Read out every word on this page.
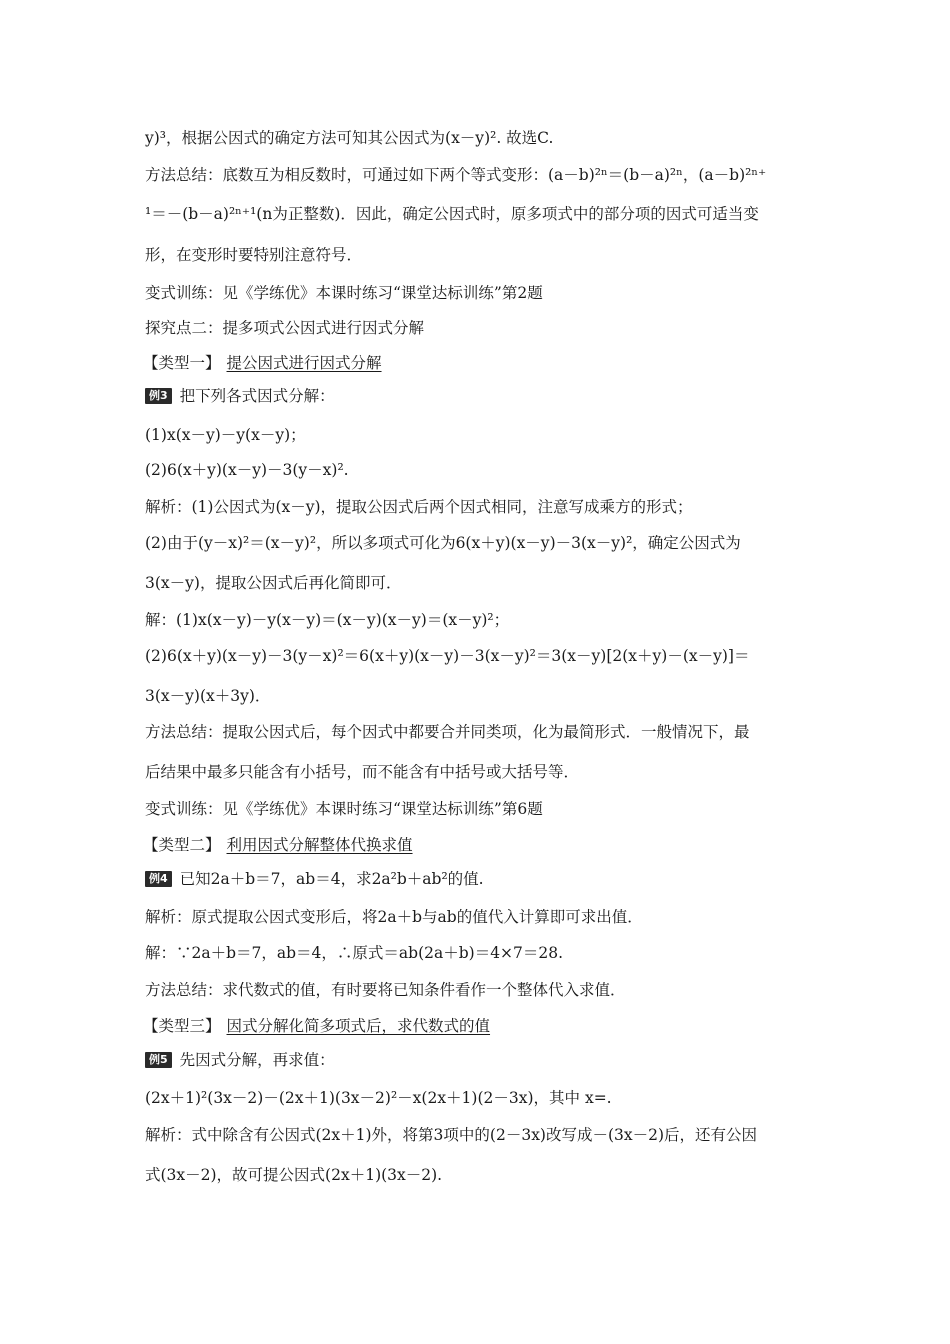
y)³，根据公因式的确定方法可知其公因式为(x－y)². 故选C.
方法总结：底数互为相反数时，可通过如下两个等式变形：(a－b)²ⁿ＝(b－a)²ⁿ，(a－b)²ⁿ⁺
¹＝－(b－a)²ⁿ⁺¹(n为正整数)．因此，确定公因式时，原多项式中的部分项的因式可适当变
形，在变形时要特别注意符号．
变式训练：见《学练优》本课时练习“课堂达标训练”第2题
探究点二：提多项式公因式进行因式分解
【类型一】 提公因式进行因式分解
例3 把下列各式因式分解：
(1)x(x－y)－y(x－y)；
(2)6(x＋y)(x－y)－3(y－x)².
解析：(1)公因式为(x－y)，提取公因式后两个因式相同，注意写成乘方的形式；
(2)由于(y－x)²＝(x－y)²，所以多项式可化为6(x＋y)(x－y)－3(x－y)²，确定公因式为
3(x－y)，提取公因式后再化简即可．
解：(1)x(x－y)－y(x－y)＝(x－y)(x－y)＝(x－y)²；
(2)6(x＋y)(x－y)－3(y－x)²＝6(x＋y)(x－y)－3(x－y)²＝3(x－y)[2(x＋y)－(x－y)]＝
3(x－y)(x＋3y)．
方法总结：提取公因式后，每个因式中都要合并同类项，化为最简形式．一般情况下，最
后结果中最多只能含有小括号，而不能含有中括号或大括号等．
变式训练：见《学练优》本课时练习“课堂达标训练”第6题
【类型二】 利用因式分解整体代换求值
例4 已知2a＋b＝7，ab＝4，求2a²b＋ab²的值.
解析：原式提取公因式变形后，将2a＋b与ab的值代入计算即可求出值．
解：∵2a＋b＝7，ab＝4，∴原式＝ab(2a＋b)＝4×7＝28.
方法总结：求代数式的值，有时要将已知条件看作一个整体代入求值．
【类型三】 因式分解化简多项式后，求代数式的值
例5 先因式分解，再求值：
(2x＋1)²(3x－2)－(2x＋1)(3x－2)²－x(2x＋1)(2－3x)，其中 x=.
解析：式中除含有公因式(2x＋1)外，将第3项中的(2－3x)改写成－(3x－2)后，还有公因
式(3x－2)，故可提公因式(2x＋1)(3x－2).
